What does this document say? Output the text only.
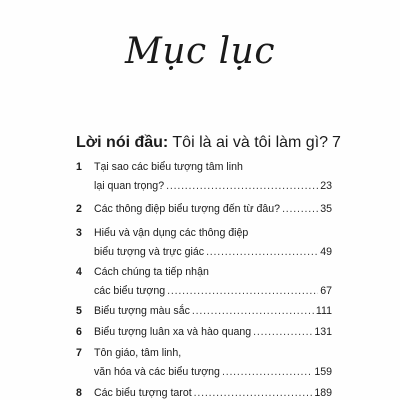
Mục lục
Lời nói đầu: Tôi là ai và tôi làm gì? 7
1	Tại sao các biểu tượng tâm linh
lại quan trọng? .....	23
2	Các thông điệp biểu tượng đến từ đâu? .....	35
3	Hiểu và vận dụng các thông điệp
biểu tượng và trực giác .....	49
4	Cách chúng ta tiếp nhận
các biểu tượng .....	67
5	Biểu tượng màu sắc .....	111
6	Biểu tượng luân xa và hào quang .....	131
7	Tôn giáo, tâm linh,
văn hóa và các biểu tượng .....	159
8	Các biểu tượng tarot .....	189
